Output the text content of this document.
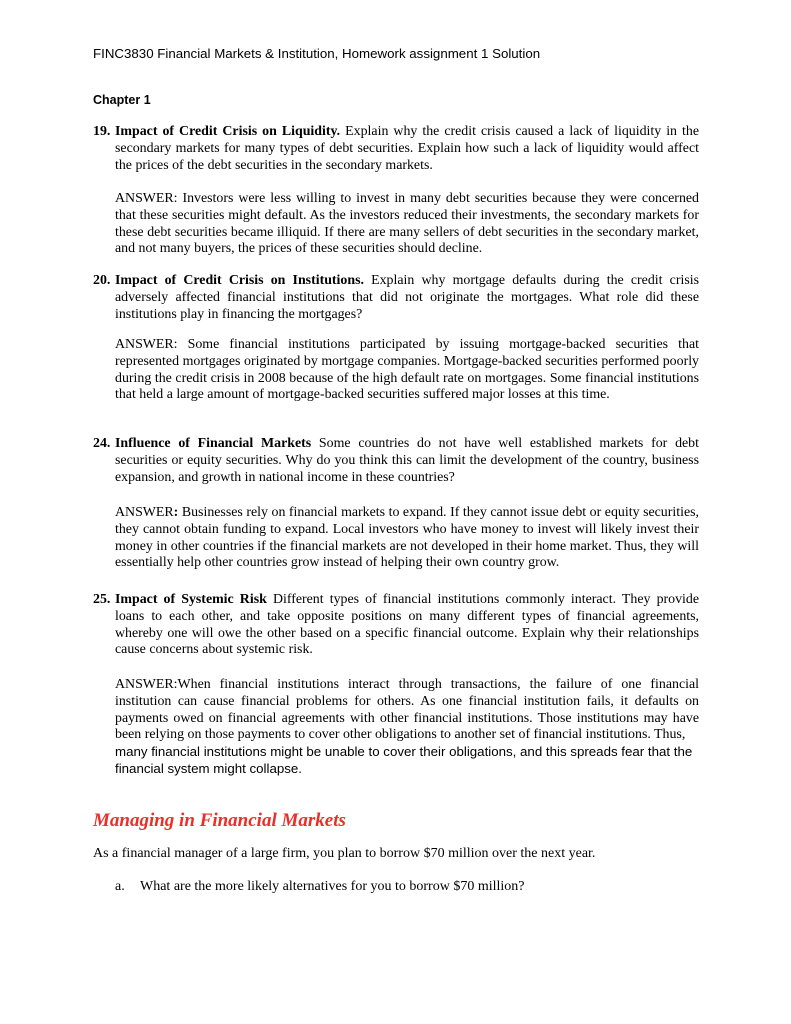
FINC3830 Financial Markets & Institution, Homework assignment 1 Solution
Chapter 1
19. Impact of Credit Crisis on Liquidity. Explain why the credit crisis caused a lack of liquidity in the secondary markets for many types of debt securities. Explain how such a lack of liquidity would affect the prices of the debt securities in the secondary markets.
ANSWER: Investors were less willing to invest in many debt securities because they were concerned that these securities might default. As the investors reduced their investments, the secondary markets for these debt securities became illiquid. If there are many sellers of debt securities in the secondary market, and not many buyers, the prices of these securities should decline.
20. Impact of Credit Crisis on Institutions. Explain why mortgage defaults during the credit crisis adversely affected financial institutions that did not originate the mortgages. What role did these institutions play in financing the mortgages?
ANSWER: Some financial institutions participated by issuing mortgage-backed securities that represented mortgages originated by mortgage companies. Mortgage-backed securities performed poorly during the credit crisis in 2008 because of the high default rate on mortgages. Some financial institutions that held a large amount of mortgage-backed securities suffered major losses at this time.
24. Influence of Financial Markets Some countries do not have well established markets for debt securities or equity securities. Why do you think this can limit the development of the country, business expansion, and growth in national income in these countries?
ANSWER: Businesses rely on financial markets to expand. If they cannot issue debt or equity securities, they cannot obtain funding to expand. Local investors who have money to invest will likely invest their money in other countries if the financial markets are not developed in their home market. Thus, they will essentially help other countries grow instead of helping their own country grow.
25. Impact of Systemic Risk Different types of financial institutions commonly interact. They provide loans to each other, and take opposite positions on many different types of financial agreements, whereby one will owe the other based on a specific financial outcome. Explain why their relationships cause concerns about systemic risk.
ANSWER:When financial institutions interact through transactions, the failure of one financial institution can cause financial problems for others. As one financial institution fails, it defaults on payments owed on financial agreements with other financial institutions. Those institutions may have been relying on those payments to cover other obligations to another set of financial institutions. Thus,
many financial institutions might be unable to cover their obligations, and this spreads fear that the financial system might collapse.
Managing in Financial Markets
As a financial manager of a large firm, you plan to borrow $70 million over the next year.
a. What are the more likely alternatives for you to borrow $70 million?
